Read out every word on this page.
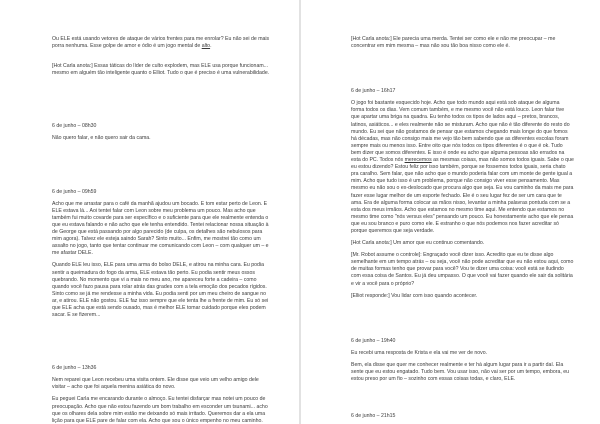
Ou ELE está usando vetores de ataque de vários frentes para me enrolar? Eu não sei de mais porra nenhuma. Esse golpe de amor e ódio é um jogo mental de alto.

[Hot Carla anota:] Essas táticas do líder de culto explodem, mas ELE usa porque funcionam... mesmo em alguém tão inteligente quanto o Elliot. Tudo o que é preciso é uma vulnerabilidade.

6 de junho – 08h30

Não quero falar, e não quero sair da cama.

6 de junho – 09h59

Acho que me arrastar para o café da manhã ajudou um bocado. E tom estar perto de Leon. E ELE estava lá... Aoi tentei falar com Leon sobre meu problema um pouco. Mas acho que também fui muito covarde para ser específico e o suficiente para que ele realmente entenda o que eu estava falando e não acho que ele tenha entendido. Tentei relacionar nossa situação à de George que está passando por algo parecido (de culpa, os detalhes são nebulosos para mim agora). Talvez ele esteja saindo Sarah? Sinto muito... Enfim, me mostrei tão como um assalto no jogo, tanto que tentar continuar me comunicando com Leon – com qualquer um – e me afastar DELE.

Quando ELE leu isso, ELE para uma arma do bolso DELE, e atirou na minha cara. Eu podia sentir a queimadura do fogo da arma, ELE estava tão perto. Eu podia sentir meus ossos quebrando. No momento que vi a mais no meu ano, me apareceu forte a cadeira – como quando você fazo pausa para rolar atrás das grades com a tela emoção dos pecados rígidos. Sinto como se já me rendesse a minha vida. Eu podia senti por um meu cheiro de sangue no ar, e atirou. ELE não gostou. ELE faz isso sempre que ele tenta lhe a frente de mim. Eu só sei que ELE acha que está sendo ousado, mas é melhor ELE tomar cuidado porque eles podem sacar. E se fizerem...

6 de junho – 13h36

Nem reparei que Leon recebeu uma visita ontem. Ele disse que veio um velho amigo dele visitar – acho que foi aquela menina asiática do novo.

Eu peguei Carla me encarando durante o almoço. Eu tentei disfarçar mas notei um pouco de preocupação. Acho que não estou fazendo um bom trabalho em esconder um tsunami... acho que os olhares dela sobre mim estão me deixando só mais irritado. Queremos dar a ela uma lição para que ELE pare de falar com ela. Acho que sou o único empenho no meu caminho.

[Hot Carla anota:] Ele parecia uma merda. Tentei ser como ele e não me preocupar – me concentrar em mim mesma – mas não sou tão boa nisso como ele é.

6 de junho – 16h17

O jogo foi bastante esquecido hoje. Acho que todo mundo aqui está sob ataque de alguma forma todos os dias. Vem comum também, e me mesmo você não está louco. Leon falar tive que apartar uma briga na quadra. Eu tenho todos os tipos de lados aqui – pretos, brancos, latinos, asiáticos... e eles realmente não se misturam. Acho que não é tão diferente do resto do mundo. Eu sei que não gostamos de pensar que estamos chegando mais longe do que fomos há décadas, mas não consigo mais me vejo tão bem sabendo que as diferentes escolas foram sempre mais ou menos isso. Entre oito que nós todos os tipos diferentes é o que é ok. Tudo bem dizer que somos diferentes. E isso é onde eu acho que alguma pessoas são errados na esta do PC. Todos nós merecemos as mesmas coisas, mas não somos todos iguais. Sabe o que eu estou dizendo? Estou feliz por isso também, porque se fossemos todos iguais, seria chato pra caralho. Sem falar, que não acho que o mundo poderia falar com um monte de gente igual a mim. Acho que tudo isso é um problema, porque não consigo viver esse pensamento. Mas mesmo eu não sou o ex-deslocado que procura algo que seja. Eu vou caminho da mais me para fazer esse lugar melhor de um esporte fechado. Ele é o seu lugar fez de ser um cara que te ama. Era de alguma forma colocar as mãos nisso, levantar a minha palavras pontuda com se a esta dos meus irmãos. Acho que estamos no mesmo time aqui. Me entendo que estamos no mesmo time como "nós versus eles" pensando um pouco. Eu honestamente acho que ele pensa que eu sou branco e puro como ele. E estranho o que nós podemos nos fazer acreditar só porque queremos que seja verdade.

[Hot Carla anota:] Um amor que eu continuo comentando.

[Mr. Robot assume o controle]: Engraçado você dizer isso. Acredito que eu te disse algo semelhante em um tempo atrás – ou seja, você não pode acreditar que eu não estou aqui, como de muitas formas tenho que provar para você? Vou te dizer uma coisa: você está se iludindo com essa coisa de Santos. Eu já deu umpasso. O que você vai fazer quando ele sair da solitária e vir a você para o próprio?

[Elliot responde:] Vou lidar com isso quando acontecer.

6 de junho – 19h40

Eu recebi uma resposta de Krista e ela vai me ver de novo.

Bem, ela disse que quer me conhecer realmente e ter há algum lugar para ir a partir daí. Ela sente que eu estou engatado. Tudo bem. Vou usar isso, não vai ser por um tempo, embora, eu estou preso por um fio – sozinho com essas coisas todas, e claro, ELE.

6 de junho – 21h15
